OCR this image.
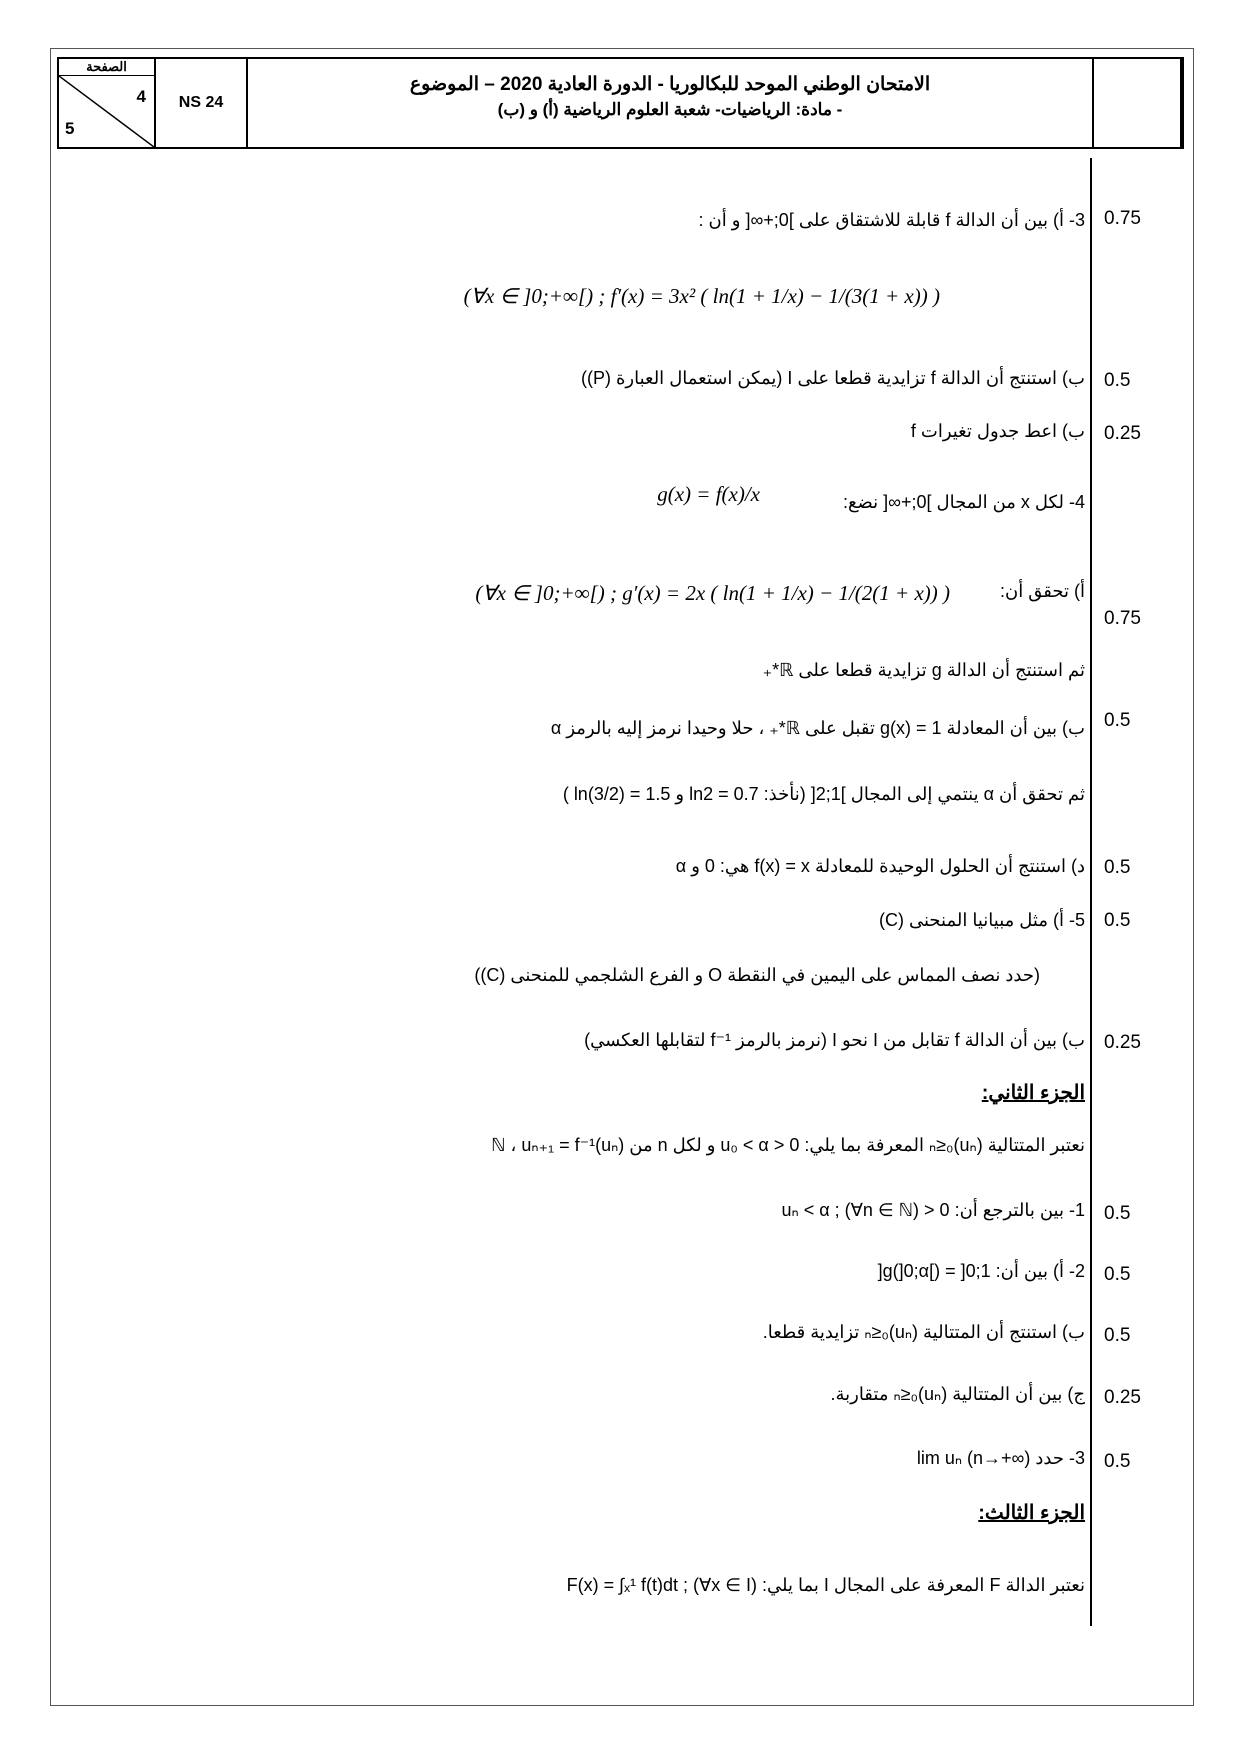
الصفحة
4
5
NS 24
الامتحان الوطني الموحد للبكالوريا - الدورة العادية 2020 – الموضوع
- مادة: الرياضيات- شعبة العلوم الرياضية (أ) و (ب)
0.75
0.5
0.25
0.75
0.5
0.5
0.5
0.25
0.5
0.5
0.5
0.25
0.5
3- أ) بين أن الدالة f قابلة للاشتقاق على ]0;+∞[ و أن :
(∀x ∈ ]0;+∞[) ; f′(x) = 3x² ( ln(1 + 1/x) − 1/(3(1 + x)) )
ب) استنتج أن الدالة f تزايدية قطعا على I (يمكن استعمال العبارة (P))
ب) اعط جدول تغيرات f
4- لكل x من المجال ]0;+∞[ نضع:
g(x) = f(x)/x
أ) تحقق أن:
(∀x ∈ ]0;+∞[) ; g′(x) = 2x ( ln(1 + 1/x) − 1/(2(1 + x)) )
ثم استنتج أن الدالة g تزايدية قطعا على ℝ*₊
ب) بين أن المعادلة g(x) = 1 تقبل على ℝ*₊ ، حلا وحيدا نرمز إليه بالرمز α
ثم تحقق أن α ينتمي إلى المجال ]1;2[ (نأخذ: ln2 = 0.7 و ln(3/2) = 1.5 )
د) استنتج أن الحلول الوحيدة للمعادلة f(x) = x هي: 0 و α
5- أ) مثل مبيانيا المنحنى (C)
(حدد نصف المماس على اليمين في النقطة O و الفرع الشلجمي للمنحنى (C))
ب) بين أن الدالة f تقابل من I نحو I (نرمز بالرمز f⁻¹ لتقابلها العكسي)
الجزء الثاني:
نعتبر المتتالية (uₙ)ₙ≥₀ المعرفة بما يلي: 0 < u₀ < α و لكل n من ℕ ، uₙ₊₁ = f⁻¹(uₙ)
1- بين بالترجع أن: 0 < uₙ < α ; (∀n ∈ ℕ)
2- أ) بين أن: g(]0;α[) = ]0;1[
ب) استنتج أن المتتالية (uₙ)ₙ≥₀ تزايدية قطعا.
ج) بين أن المتتالية (uₙ)ₙ≥₀ متقاربة.
3- حدد lim uₙ (n→+∞)
الجزء الثالث:
نعتبر الدالة F المعرفة على المجال I بما يلي: F(x) = ∫ₓ¹ f(t)dt ; (∀x ∈ I)
